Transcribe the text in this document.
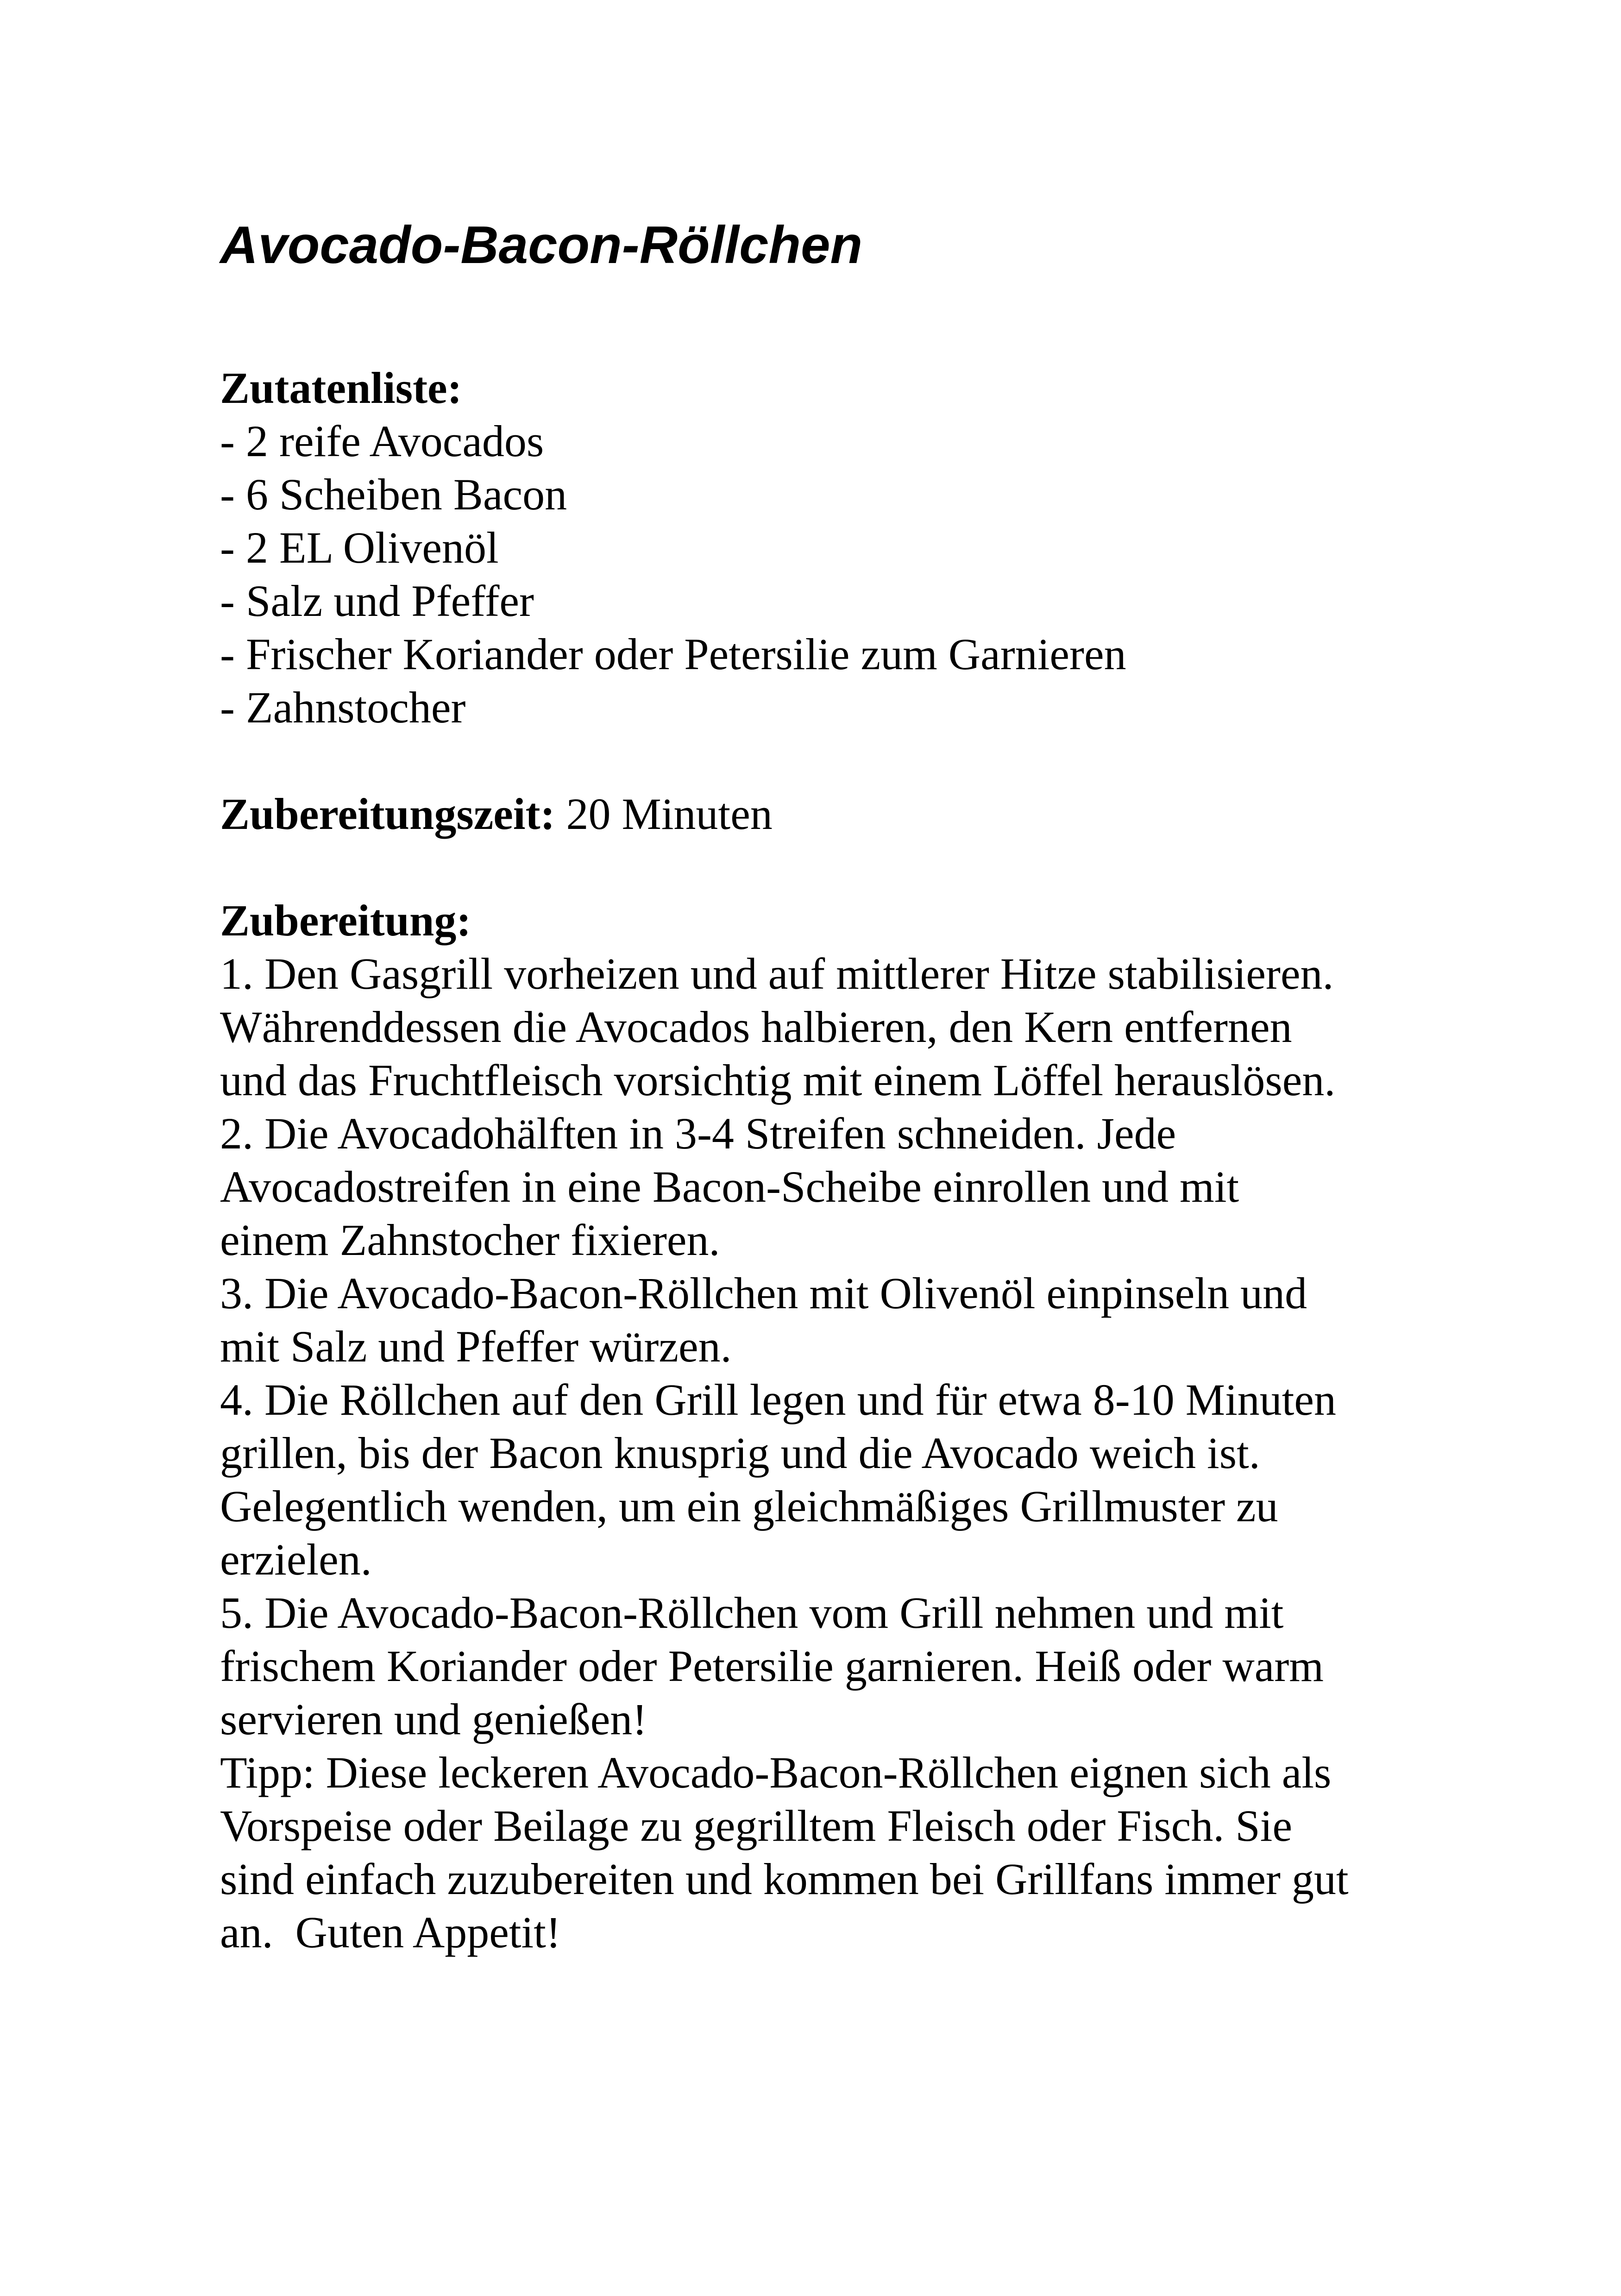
Avocado-Bacon-Röllchen
Zutatenliste:
- 2 reife Avocados
- 6 Scheiben Bacon
- 2 EL Olivenöl
- Salz und Pfeffer
- Frischer Koriander oder Petersilie zum Garnieren
- Zahnstocher
Zubereitungszeit: 20 Minuten
Zubereitung:
1. Den Gasgrill vorheizen und auf mittlerer Hitze stabilisieren.
Währenddessen die Avocados halbieren, den Kern entfernen
und das Fruchtfleisch vorsichtig mit einem Löffel herauslösen.
2. Die Avocadohälften in 3-4 Streifen schneiden. Jede
Avocadostreifen in eine Bacon-Scheibe einrollen und mit
einem Zahnstocher fixieren.
3. Die Avocado-Bacon-Röllchen mit Olivenöl einpinseln und
mit Salz und Pfeffer würzen.
4. Die Röllchen auf den Grill legen und für etwa 8-10 Minuten
grillen, bis der Bacon knusprig und die Avocado weich ist.
Gelegentlich wenden, um ein gleichmäßiges Grillmuster zu
erzielen.
5. Die Avocado-Bacon-Röllchen vom Grill nehmen und mit
frischem Koriander oder Petersilie garnieren. Heiß oder warm
servieren und genießen!
Tipp: Diese leckeren Avocado-Bacon-Röllchen eignen sich als
Vorspeise oder Beilage zu gegrilltem Fleisch oder Fisch. Sie
sind einfach zuzubereiten und kommen bei Grillfans immer gut
an.  Guten Appetit!
